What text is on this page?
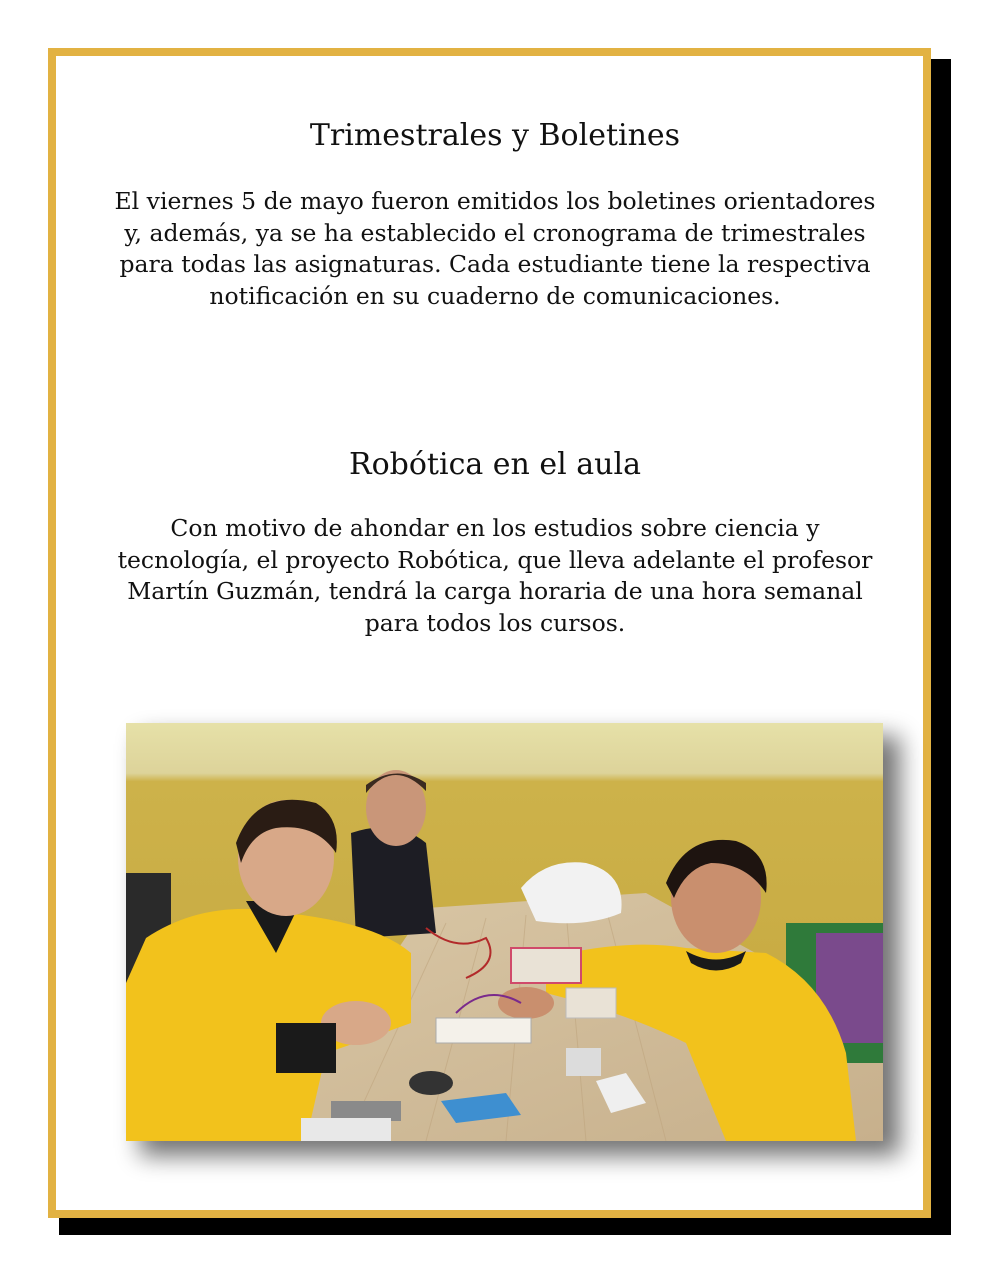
Trimestrales y Boletines

El viernes 5 de mayo fueron emitidos los boletines orientadores y, además, ya se ha establecido el cronograma de trimestrales para todas las asignaturas. Cada estudiante tiene la respectiva notificación en su cuaderno de comunicaciones.

Robótica en el aula

Con motivo de ahondar en los estudios sobre ciencia y tecnología, el proyecto Robótica, que lleva adelante el profesor Martín Guzmán, tendrá la carga horaria de una hora semanal para todos los cursos.
